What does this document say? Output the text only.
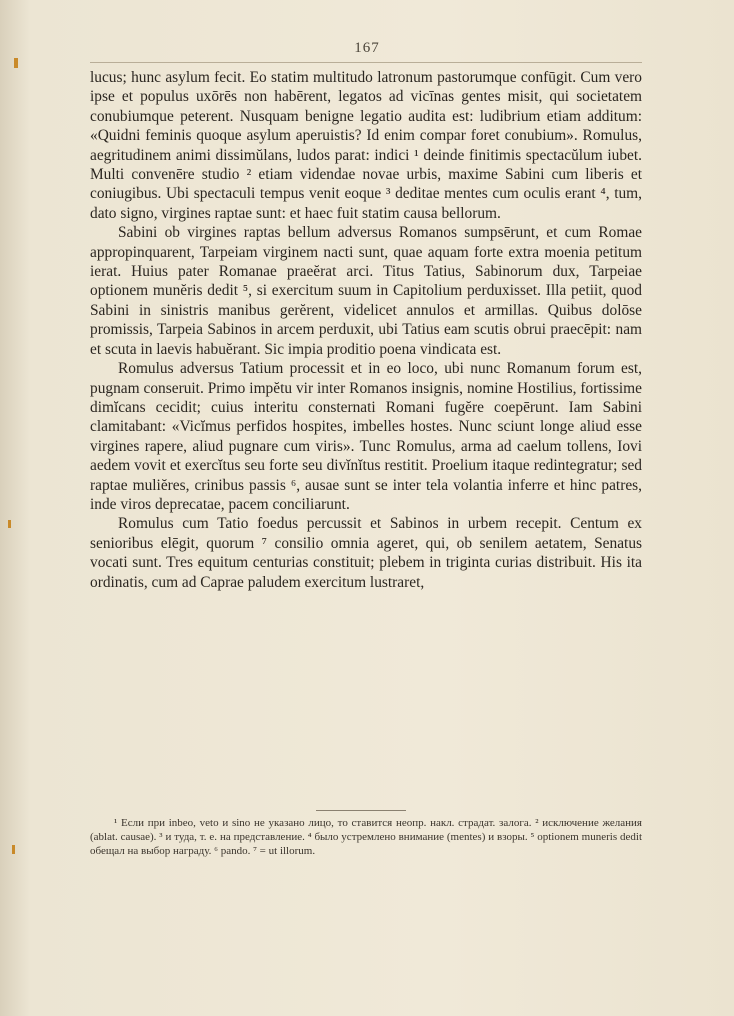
167

lucus; hunc asylum fecit. Eo statim multitudo latronum pastorumque confūgit. Cum vero ipse et populus uxōrēs non habērent, legatos ad vicīnas gentes misit, qui societatem conubiumque peterent. Nusquam benigne legatio audita est: ludibrium etiam additum: «Quidni feminis quoque asylum aperuistis? Id enim compar foret conubium». Romulus, aegritudinem animi dissimŭlans, ludos parat: indici ¹ deinde finitimis spectacŭlum iubet. Multi convenēre studio ² etiam videndae novae urbis, maxime Sabini cum liberis et coniugibus. Ubi spectaculi tempus venit eoque ³ deditae mentes cum oculis erant ⁴, tum, dato signo, virgines raptae sunt: et haec fuit statim causa bellorum.

Sabini ob virgines raptas bellum adversus Romanos sumpsērunt, et cum Romae appropinquarent, Tarpeiam virginem nacti sunt, quae aquam forte extra moenia petitum ierat. Huius pater Romanae praeĕrat arci. Titus Tatius, Sabinorum dux, Tarpeiae optionem munĕris dedit ⁵, si exercitum suum in Capitolium perduxisset. Illa petiit, quod Sabini in sinistris manibus gerĕrent, videlicet annulos et armillas. Quibus dolōse promissis, Tarpeia Sabinos in arcem perduxit, ubi Tatius eam scutis obrui praecēpit: nam et scuta in laevis habuĕrant. Sic impia proditio poena vindicata est.

Romulus adversus Tatium processit et in eo loco, ubi nunc Romanum forum est, pugnam conseruit. Primo impĕtu vir inter Romanos insignis, nomine Hostilius, fortissime dimĭcans cecidit; cuius interitu consternati Romani fugĕre coepērunt. Iam Sabini clamitabant: «Vicĭmus perfidos hospites, imbelles hostes. Nunc sciunt longe aliud esse virgines rapere, aliud pugnare cum viris». Tunc Romulus, arma ad caelum tollens, Iovi aedem vovit et exercĭtus seu forte seu divĭnĭtus restitit. Proelium itaque redintegratur; sed raptae muliĕres, crinibus passis ⁶, ausae sunt se inter tela volantia inferre et hinc patres, inde viros deprecatae, pacem conciliarunt.

Romulus cum Tatio foedus percussit et Sabinos in urbem recepit. Centum ex senioribus elēgit, quorum ⁷ consilio omnia ageret, qui, ob senilem aetatem, Senatus vocati sunt. Tres equitum centurias constituit; plebem in triginta curias distribuit. His ita ordinatis, cum ad Caprae paludem exercitum lustraret,

¹ Если при inbeo, veto и sino не указано лицо, то ставится неопр. накл. страдат. залога. ² исключение желания (ablat. causae). ³ и туда, т. е. на представление. ⁴ было устремлено внимание (mentes) и взоры. ⁵ optionem muneris dedit обещал на выбор награду. ⁶ pando. ⁷ = ut illorum.
